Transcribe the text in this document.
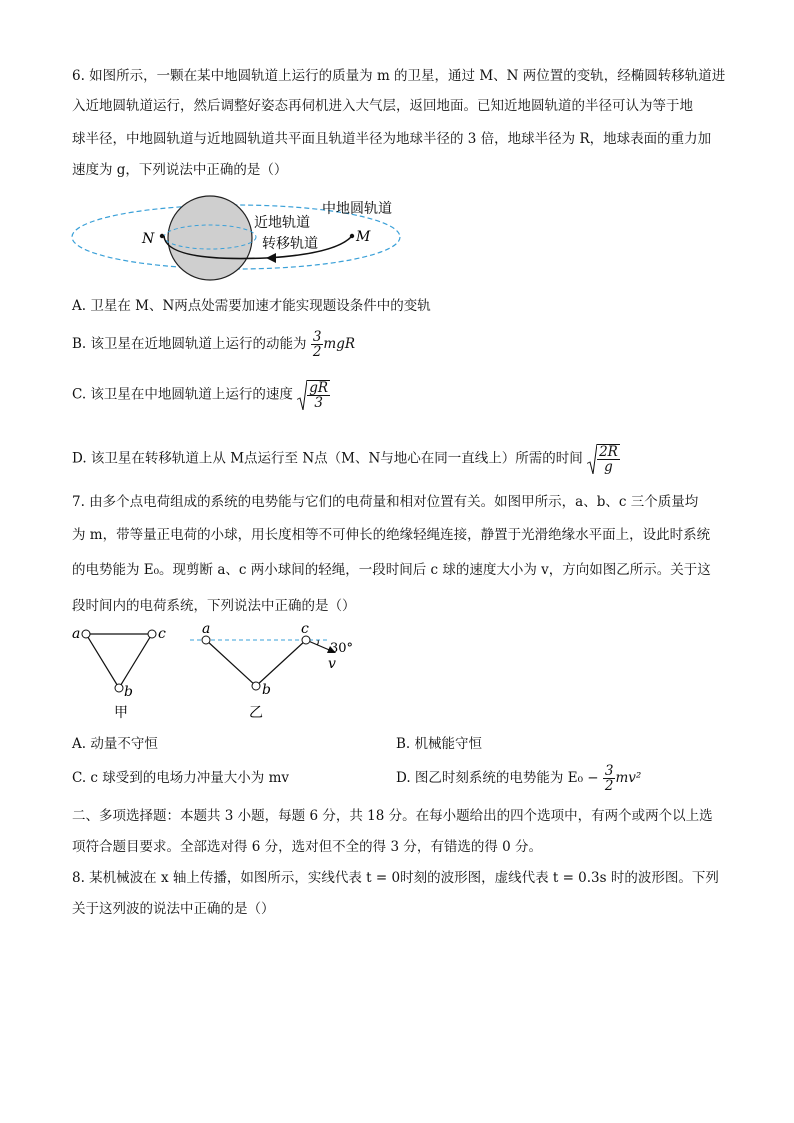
6. 如图所示，一颗在某中地圆轨道上运行的质量为 m 的卫星，通过 M、N 两位置的变轨，经椭圆转移轨道进
入近地圆轨道运行，然后调整好姿态再伺机进入大气层，返回地面。已知近地圆轨道的半径可认为等于地
球半径，中地圆轨道与近地圆轨道共平面且轨道半径为地球半径的 3 倍，地球半径为 R，地球表面的重力加
速度为 g，下列说法中正确的是（）
N	M
中地圆轨道
近地轨道
转移轨道
A. 卫星在 M、N两点处需要加速才能实现题设条件中的变轨
B. 该卫星在近地圆轨道上运行的动能为 $\frac{3}{2}$ mgR
C. 该卫星在中地圆轨道上运行的速度 $\frac{gR}{3}$
D. 该卫星在转移轨道上从 M点运行至 N点（M、N与地心在同一直线上）所需的时间 $\frac{2R}{g}$
7. 由多个点电荷组成的系统的电势能与它们的电荷量和相对位置有关。如图甲所示，a、b、c 三个质量均
为 m，带等量正电荷的小球，用长度相等不可伸长的绝缘轻绳连接，静置于光滑绝缘水平面上，设此时系统
的电势能为 E₀。现剪断 a、c 两小球间的轻绳，一段时间后 c 球的速度大小为 v，方向如图乙所示。关于这
段时间内的电荷系统，下列说法中正确的是（）
a	c
b
甲
a	c
b
30°
v
乙
A. 动量不守恒	B. 机械能守恒
C. c 球受到的电场力冲量大小为 mv	D. 图乙时刻系统的电势能为 $E_0 - \frac{3}{2} mv^2$
二、多项选择题：本题共 3 小题，每题 6 分，共 18 分。在每小题给出的四个选项中，有两个或两个以上选
项符合题目要求。全部选对得 6 分，选对但不全的得 3 分，有错选的得 0 分。
8. 某机械波在 x 轴上传播，如图所示，实线代表 t = 0时刻的波形图，虚线代表 t = 0.3s 时的波形图。下列
关于这列波的说法中正确的是（）
